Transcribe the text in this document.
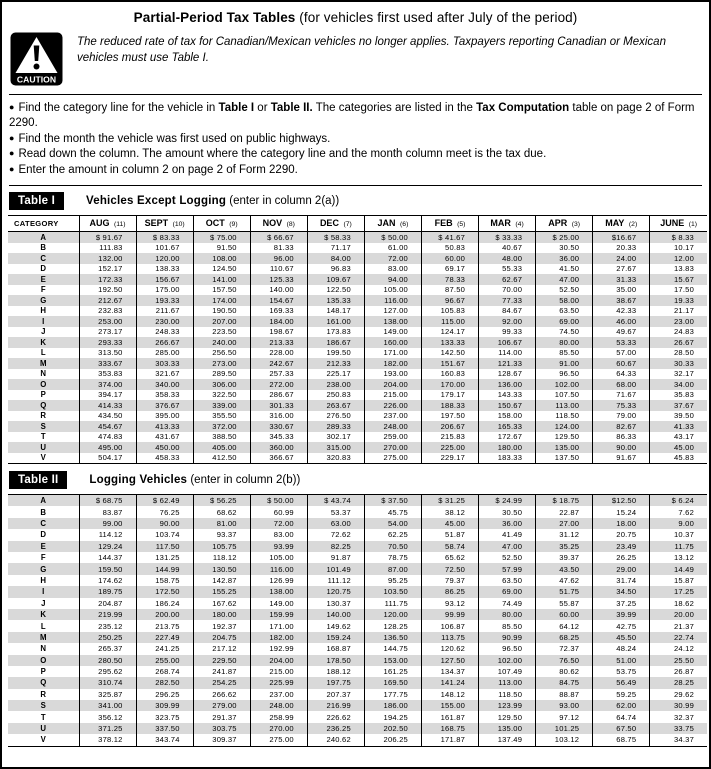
Partial-Period Tax Tables (for vehicles first used after July of the period)
CAUTION
The reduced rate of tax for Canadian/Mexican vehicles no longer applies. Taxpayers reporting Canadian or Mexican vehicles must use Table I.
● Find the category line for the vehicle in Table I or Table II. The categories are listed in the Tax Computation table on page 2 of Form 2290.
● Find the month the vehicle was first used on public highways.
● Read down the column. The amount where the category line and the month column meet is the tax due.
● Enter the amount in column 2 on page 2 of Form 2290.
Table I	Vehicles Except Logging (enter in column 2(a))
CATEGORY	AUG (11)	SEPT (10)	OCT (9)	NOV (8)	DEC (7)	JAN (6)	FEB (5)	MAR (4)	APR (3)	MAY (2)	JUNE (1)
A	$ 91.67	$ 83.33	$ 75.00	$ 66.67	$ 58.33	$ 50.00	$ 41.67	$ 33.33	$ 25.00	$16.67	$ 8.33
B	111.83	101.67	91.50	81.33	71.17	61.00	50.83	40.67	30.50	20.33	10.17
C	132.00	120.00	108.00	96.00	84.00	72.00	60.00	48.00	36.00	24.00	12.00
D	152.17	138.33	124.50	110.67	96.83	83.00	69.17	55.33	41.50	27.67	13.83
E	172.33	156.67	141.00	125.33	109.67	94.00	78.33	62.67	47.00	31.33	15.67
F	192.50	175.00	157.50	140.00	122.50	105.00	87.50	70.00	52.50	35.00	17.50
G	212.67	193.33	174.00	154.67	135.33	116.00	96.67	77.33	58.00	38.67	19.33
H	232.83	211.67	190.50	169.33	148.17	127.00	105.83	84.67	63.50	42.33	21.17
I	253.00	230.00	207.00	184.00	161.00	138.00	115.00	92.00	69.00	46.00	23.00
J	273.17	248.33	223.50	198.67	173.83	149.00	124.17	99.33	74.50	49.67	24.83
K	293.33	266.67	240.00	213.33	186.67	160.00	133.33	106.67	80.00	53.33	26.67
L	313.50	285.00	256.50	228.00	199.50	171.00	142.50	114.00	85.50	57.00	28.50
M	333.67	303.33	273.00	242.67	212.33	182.00	151.67	121.33	91.00	60.67	30.33
N	353.83	321.67	289.50	257.33	225.17	193.00	160.83	128.67	96.50	64.33	32.17
O	374.00	340.00	306.00	272.00	238.00	204.00	170.00	136.00	102.00	68.00	34.00
P	394.17	358.33	322.50	286.67	250.83	215.00	179.17	143.33	107.50	71.67	35.83
Q	414.33	376.67	339.00	301.33	263.67	226.00	188.33	150.67	113.00	75.33	37.67
R	434.50	395.00	355.50	316.00	276.50	237.00	197.50	158.00	118.50	79.00	39.50
S	454.67	413.33	372.00	330.67	289.33	248.00	206.67	165.33	124.00	82.67	41.33
T	474.83	431.67	388.50	345.33	302.17	259.00	215.83	172.67	129.50	86.33	43.17
U	495.00	450.00	405.00	360.00	315.00	270.00	225.00	180.00	135.00	90.00	45.00
V	504.17	458.33	412.50	366.67	320.83	275.00	229.17	183.33	137.50	91.67	45.83
Table II	Logging Vehicles (enter in column 2(b))
A	$ 68.75	$ 62.49	$ 56.25	$ 50.00	$ 43.74	$ 37.50	$ 31.25	$ 24.99	$ 18.75	$12.50	$ 6.24
B	83.87	76.25	68.62	60.99	53.37	45.75	38.12	30.50	22.87	15.24	7.62
C	99.00	90.00	81.00	72.00	63.00	54.00	45.00	36.00	27.00	18.00	9.00
D	114.12	103.74	93.37	83.00	72.62	62.25	51.87	41.49	31.12	20.75	10.37
E	129.24	117.50	105.75	93.99	82.25	70.50	58.74	47.00	35.25	23.49	11.75
F	144.37	131.25	118.12	105.00	91.87	78.75	65.62	52.50	39.37	26.25	13.12
G	159.50	144.99	130.50	116.00	101.49	87.00	72.50	57.99	43.50	29.00	14.49
H	174.62	158.75	142.87	126.99	111.12	95.25	79.37	63.50	47.62	31.74	15.87
I	189.75	172.50	155.25	138.00	120.75	103.50	86.25	69.00	51.75	34.50	17.25
J	204.87	186.24	167.62	149.00	130.37	111.75	93.12	74.49	55.87	37.25	18.62
K	219.99	200.00	180.00	159.99	140.00	120.00	99.99	80.00	60.00	39.99	20.00
L	235.12	213.75	192.37	171.00	149.62	128.25	106.87	85.50	64.12	42.75	21.37
M	250.25	227.49	204.75	182.00	159.24	136.50	113.75	90.99	68.25	45.50	22.74
N	265.37	241.25	217.12	192.99	168.87	144.75	120.62	96.50	72.37	48.24	24.12
O	280.50	255.00	229.50	204.00	178.50	153.00	127.50	102.00	76.50	51.00	25.50
P	295.62	268.74	241.87	215.00	188.12	161.25	134.37	107.49	80.62	53.75	26.87
Q	310.74	282.50	254.25	225.99	197.75	169.50	141.24	113.00	84.75	56.49	28.25
R	325.87	296.25	266.62	237.00	207.37	177.75	148.12	118.50	88.87	59.25	29.62
S	341.00	309.99	279.00	248.00	216.99	186.00	155.00	123.99	93.00	62.00	30.99
T	356.12	323.75	291.37	258.99	226.62	194.25	161.87	129.50	97.12	64.74	32.37
U	371.25	337.50	303.75	270.00	236.25	202.50	168.75	135.00	101.25	67.50	33.75
V	378.12	343.74	309.37	275.00	240.62	206.25	171.87	137.49	103.12	68.75	34.37
